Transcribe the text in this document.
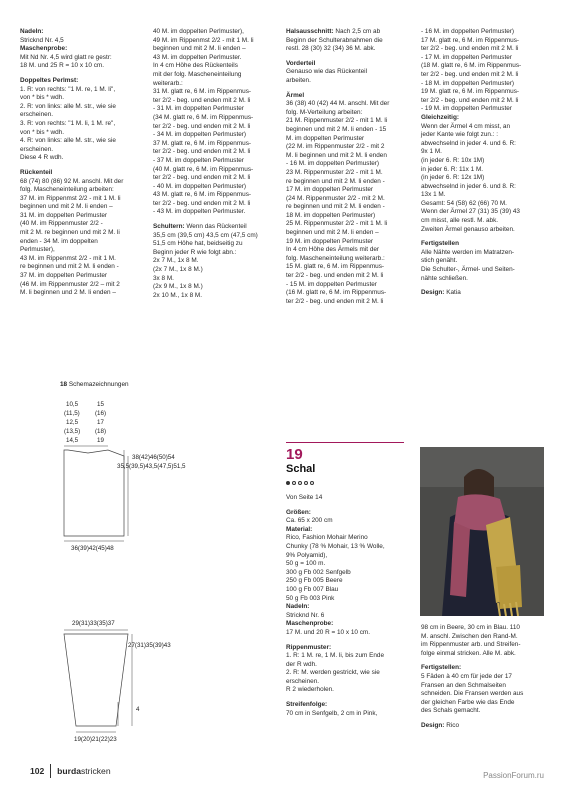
Nadeln:
Stricknd Nr. 4,5

Maschenprobe:
Mit Nd Nr. 4,5 wird glatt re gestr:
18 M. und 25 R = 10 x 10 cm.

Doppeltes Perlmst:
1. R: von rechts: "1 M. re, 1 M. li",
von * bis * wdh.
2. R: von links: alle M. str., wie sie
erscheinen.
3. R: von rechts: "1 M. li, 1 M. re",
von * bis * wdh.
4. R: von links: alle M. str., wie sie
erscheinen.
Diese 4 R wdh.

Rückenteil
68 (74) 80 (86) 92 M. anschl. Mit der
folg. Mascheneinteilung arbeiten:
37 M. im Rippenmst 2/2 - mit 1 M. li
beginnen und mit 2 M. li enden –
31 M. im doppelten Perlmuster
(40 M. im Rippenmuster 2/2 -
mit 2 M. re beginnen und mit 2 M. li
enden - 34 M. im doppelten
Perlmuster),
43 M. im Rippenmst 2/2 - mit 1 M.
re beginnen und mit 2 M. li enden -
37 M. im doppelten Perlmuster
(46 M. im Rippenmuster 2/2 – mit 2
M. li beginnen und 2 M. li enden –

40 M. im doppelten Perlmuster),
49 M. im Rippenmst 2/2 - mit 1 M. li
beginnen und mit 2 M. li enden –
43 M. im doppelten Perlmuster.
In 4 cm Höhe des Rückenteils
mit der folg. Mascheneinteilung
weiterarb.:
31 M. glatt re, 6 M. im Rippenmus-
ter 2/2 - beg. und enden mit 2 M. li
- 31 M. im doppelten Perlmuster
(34 M. glatt re, 6 M. im Rippenmus-
ter 2/2 - beg. und enden mit 2 M. li
- 34 M. im doppelten Perlmuster)
37 M. glatt re, 6 M. im Rippenmus-
ter 2/2 - beg. und enden mit 2 M. li
- 37 M. im doppelten Perlmuster
(40 M. glatt re, 6 M. im Rippenmus-
ter 2/2 - beg. und enden mit 2 M. li
- 40 M. im doppelten Perlmuster)
43 M. glatt re, 6 M. im Rippenmus-
ter 2/2 - beg. und enden mit 2 M. li
- 43 M. im doppelten Perlmuster.

Schultern: Wenn das Rückenteil
35,5 cm (39,5 cm) 43,5 cm (47,5 cm)
51,5 cm Höhe hat, beidseitig zu
Beginn jeder R wie folgt abn.:
2x 7 M., 1x 8 M.
(2x 7 M., 1x 8 M.)
3x 8 M.
(2x 9 M., 1x 8 M.)
2x 10 M., 1x 8 M.

Halsausschnitt: Nach 2,5 cm ab
Beginn der Schulterabnahmen die
restl. 28 (30) 32 (34) 36 M. abk.

Vorderteil
Genauso wie das Rückenteil
arbeiten.

Ärmel
36 (38) 40 (42) 44 M. anschl. Mit der
folg. M-Verteilung arbeiten:
21 M. Rippenmuster 2/2 - mit 1 M. li
beginnen und mit 2 M. li enden - 15
M. im doppelten Perlmuster
(22 M. im Rippenmuster 2/2 - mit 2
M. li beginnen und mit 2 M. li enden
- 16 M. im doppelten Perlmuster)
23 M. Rippenmuster 2/2 - mit 1 M.
re beginnen und mit 2 M. li enden -
17 M. im doppelten Perlmuster
(24 M. Rippenmuster 2/2 - mit 2 M.
re beginnen und mit 2 M. li enden -
18 M. im doppelten Perlmuster)
25 M. Rippenmuster 2/2 - mit 1 M. li
beginnen und mit 2 M. li enden –
19 M. im doppelten Perlmuster
In 4 cm Höhe des Ärmels mit der
folg. Mascheneinteilung weiterarb.:
15 M. glatt re, 6 M. im Rippenmus-
ter 2/2 - beg. und enden mit 2 M. li
- 15 M. im doppelten Perlmuster
(16 M. glatt re, 6 M. im Rippenmus-
ter 2/2 - beg. und enden mit 2 M. li

- 16 M. im doppelten Perlmuster)
17 M. glatt re, 6 M. im Rippenmus-
ter 2/2 - beg. und enden mit 2 M. li
- 17 M. im doppelten Perlmuster
(18 M. glatt re, 6 M. im Rippenmus-
ter 2/2 - beg. und enden mit 2 M. li
- 18 M. im doppelten Perlmuster)
19 M. glatt re, 6 M. im Rippenmus-
ter 2/2 - beg. und enden mit 2 M. li
- 19 M. im doppelten Perlmuster

Gleichzeitig:
Wenn der Ärmel 4 cm misst, an
jeder Kante wie folgt zun.: :
abwechselnd in jeder 4. und 6. R:
9x 1 M.
(in jeder 6. R: 10x 1M)
in jeder 6. R: 11x 1 M.
(in jeder 6. R: 12x 1M)
abwechselnd in jeder 6. und 8. R:
13x 1 M.
Gesamt: 54 (58) 62 (66) 70 M.
Wenn der Ärmel 27 (31) 35 (39) 43
cm misst, alle restl. M. abk.
Zweiten Ärmel genauso arbeiten.

Fertigstellen
Alle Nähte werden im Matratzen-
stich genäht.
Die Schulter-, Ärmel- und Seiten-
nähte schließen.

Design: Katia

18 Schemazeichnungen
10,5
(11,5)
12,5
(13,5)
14,5
15
(16)
17
(18)
19
38(42)46(50)54
35,5(39,5)43,5(47,5)51,5
36(39)42(45)48
29(31)33(35)37
27(31)35(39)43
4
19(20)21(22)23
19
Schal

Von Seite 14

Größen:
Ca. 65 x 200 cm

Material:
Rico, Fashion Mohair Merino
Chunky (78 % Mohair, 13 % Wolle,
9% Polyamid),
50 g = 100 m.
300 g Fb 002 Senfgelb
250 g Fb 005 Beere
100 g Fb 007 Blau
50 g Fb 003 Pink

Nadeln:
Stricknd Nr. 6

Maschenprobe:
17 M. und 20 R = 10 x 10 cm.

Rippenmuster:
1. R: 1 M. re, 1 M. li, bis zum Ende
der R wdh.
2. R: M. werden gestrickt, wie sie
erscheinen.
R 2 wiederholen.

Streifenfolge:
70 cm in Senfgelb, 2 cm in Pink,

98 cm in Beere, 30 cm in Blau. 110
M. anschl. Zwischen den Rand-M.
im Rippenmuster arb. und Streifen-
folge einmal stricken. Alle M. abk.

Fertigstellen:
5 Fäden à 40 cm für jede der 17
Fransen an den Schmalseiten
schneiden. Die Fransen werden aus
der gleichen Farbe wie das Ende
des Schals gemacht.

Design: Rico

102 burdastricken	PassionForum.ru
